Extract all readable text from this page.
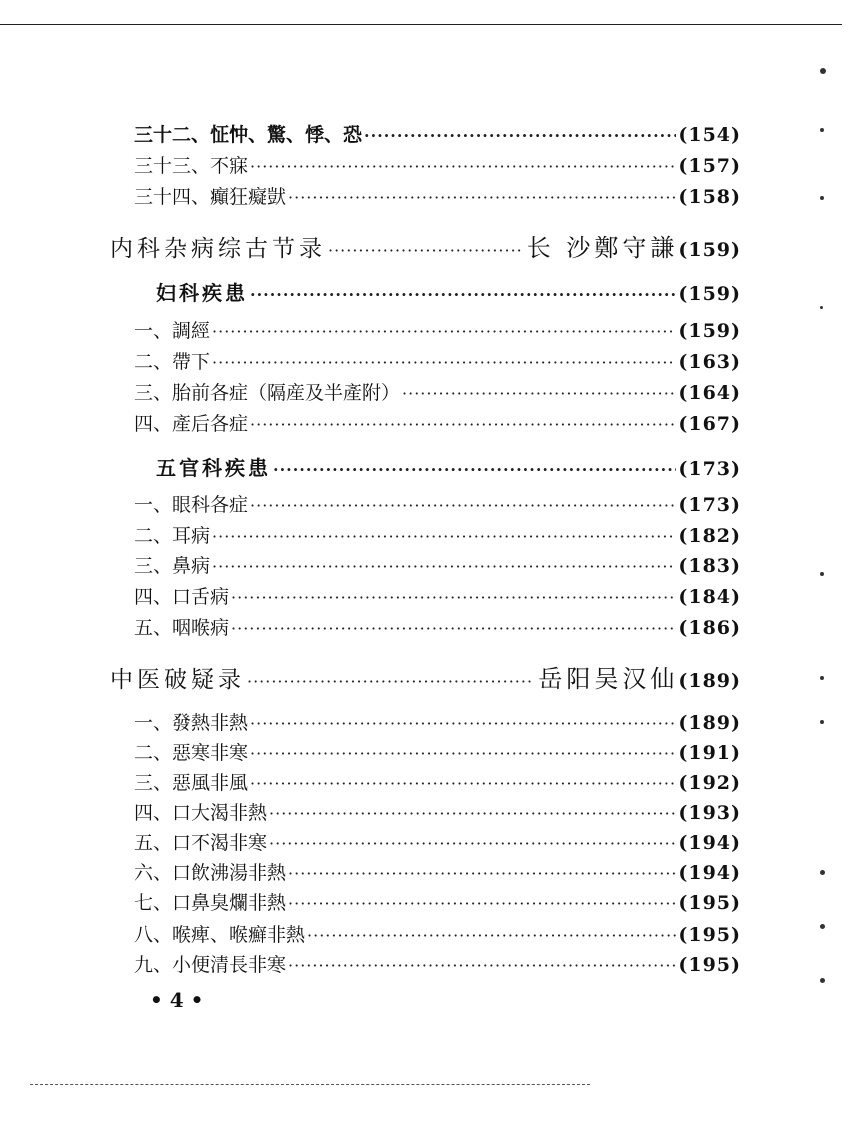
三十二、怔忡、驚、悸、恐 ·····	(154)
三十三、不寐 ·····	(157)
三十四、癲狂癡獃 ·····	(158)
内科杂病综古节录 ·····	长 沙鄭守謙 (159)
妇科疾患 ·····	(159)
一、調經 ·····	(159)
二、帶下 ·····	(163)
三、胎前各症（隔産及半產附） ·····	(164)
四、產后各症 ·····	(167)
五官科疾患 ·····	(173)
一、眼科各症 ·····	(173)
二、耳病 ·····	(182)
三、鼻病 ·····	(183)
四、口舌病 ·····	(184)
五、咽喉病 ·····	(186)
中医破疑录 ·····	岳阳吴汉仙 (189)
一、發熱非熱 ·····	(189)
二、惡寒非寒 ·····	(191)
三、惡風非風 ·····	(192)
四、口大渴非熱 ·····	(193)
五、口不渴非寒 ·····	(194)
六、口飲沸湯非熱 ·····	(194)
七、口鼻臭爛非熱 ·····	(195)
八、喉痺、喉癬非熱 ·····	(195)
九、小便清長非寒 ·····	(195)
• 4 •
